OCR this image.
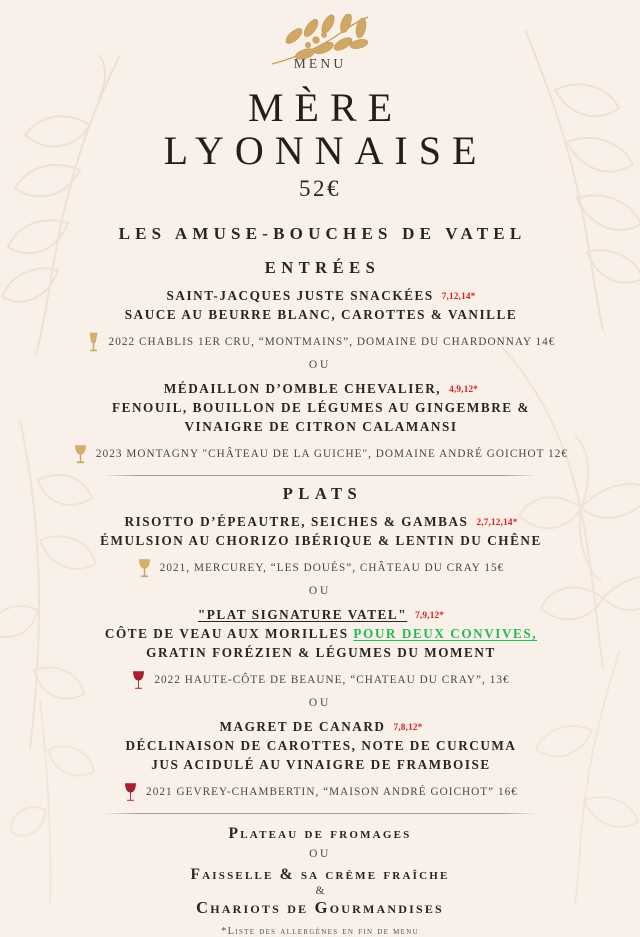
MENU
MÈRE
LYONNAISE
52€
LES AMUSE-BOUCHES DE VATEL
ENTRÉES
SAINT-JACQUES JUSTE SNACKÉES 7,12,14*
SAUCE AU BEURRE BLANC, CAROTTES & VANILLE
2022 CHABLIS 1ER CRU, “MONTMAINS”, DOMAINE DU CHARDONNAY 14€
OU
MÉDAILLON D’OMBLE CHEVALIER, 4,9,12*
FENOUIL, BOUILLON DE LÉGUMES AU GINGEMBRE &
VINAIGRE DE CITRON CALAMANSI
2023 MONTAGNY "CHÂTEAU DE LA GUICHE", DOMAINE ANDRÉ GOICHOT 12€
PLATS
RISOTTO D’ÉPEAUTRE, SEICHES & GAMBAS 2,7,12,14*
ÉMULSION AU CHORIZO IBÉRIQUE & LENTIN DU CHÊNE
2021, MERCUREY, “LES DOUÉS”, CHÂTEAU DU CRAY 15€
OU
"PLAT SIGNATURE VATEL" 7,9,12*
CÔTE DE VEAU AUX MORILLES POUR DEUX CONVIVES,
GRATIN FORÉZIEN & LÉGUMES DU MOMENT
2022 HAUTE-CÔTE DE BEAUNE, “CHATEAU DU CRAY”, 13€
OU
MAGRET DE CANARD 7,8,12*
DÉCLINAISON DE CAROTTES, NOTE DE CURCUMA
JUS ACIDULÉ AU VINAIGRE DE FRAMBOISE
2021 GEVREY-CHAMBERTIN, “MAISON ANDRÉ GOICHOT” 16€
Plateau de fromages
OU
Faisselle & sa crème fraîche
&
Chariots de Gourmandises
*Liste des allergènes en fin de menu
